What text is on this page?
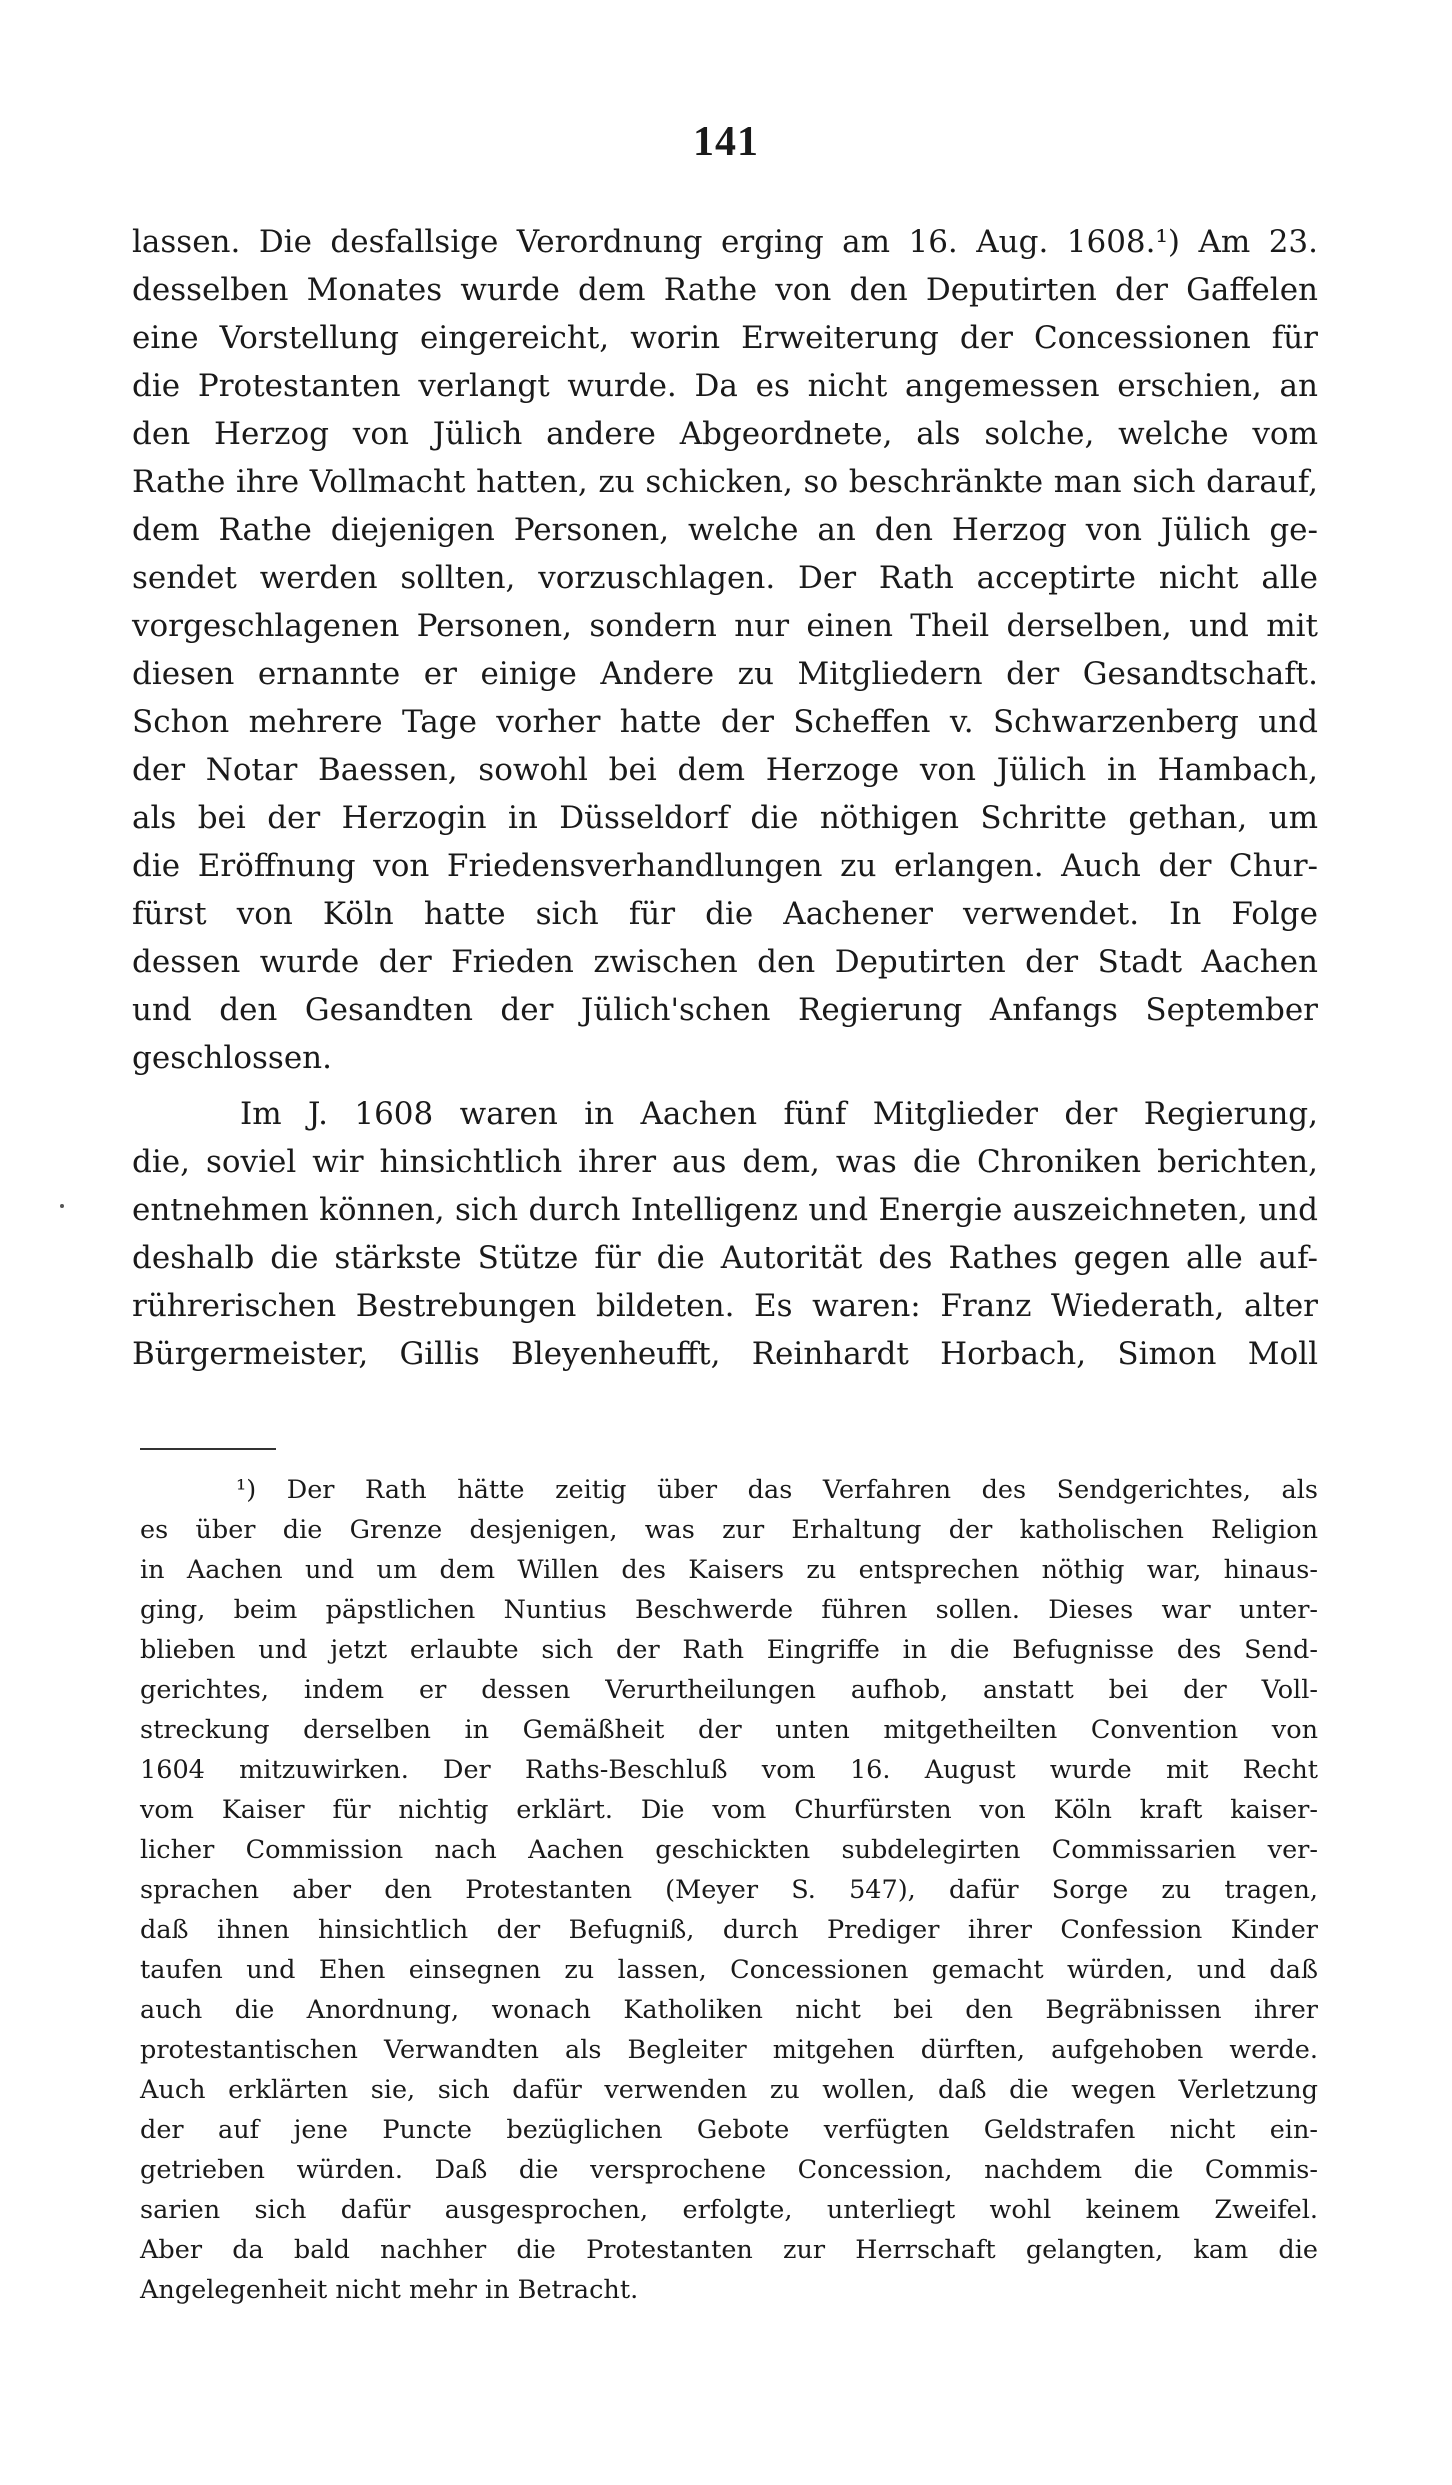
141
lassen. Die desfallsige Verordnung erging am 16. Aug. 1608.¹) Am 23.
desselben Monates wurde dem Rathe von den Deputirten der Gaffelen
eine Vorstellung eingereicht, worin Erweiterung der Concessionen für
die Protestanten verlangt wurde. Da es nicht angemessen erschien, an
den Herzog von Jülich andere Abgeordnete, als solche, welche vom
Rathe ihre Vollmacht hatten, zu schicken, so beschränkte man sich darauf,
dem Rathe diejenigen Personen, welche an den Herzog von Jülich ge-
sendet werden sollten, vorzuschlagen. Der Rath acceptirte nicht alle
vorgeschlagenen Personen, sondern nur einen Theil derselben, und mit
diesen ernannte er einige Andere zu Mitgliedern der Gesandtschaft.
Schon mehrere Tage vorher hatte der Scheffen v. Schwarzenberg und
der Notar Baessen, sowohl bei dem Herzoge von Jülich in Hambach,
als bei der Herzogin in Düsseldorf die nöthigen Schritte gethan, um
die Eröffnung von Friedensverhandlungen zu erlangen. Auch der Chur-
fürst von Köln hatte sich für die Aachener verwendet. In Folge
dessen wurde der Frieden zwischen den Deputirten der Stadt Aachen
und den Gesandten der Jülich'schen Regierung Anfangs September
geschlossen.
Im J. 1608 waren in Aachen fünf Mitglieder der Regierung,
die, soviel wir hinsichtlich ihrer aus dem, was die Chroniken berichten,
entnehmen können, sich durch Intelligenz und Energie auszeichneten, und
deshalb die stärkste Stütze für die Autorität des Rathes gegen alle auf-
rührerischen Bestrebungen bildeten. Es waren: Franz Wiederath, alter
Bürgermeister, Gillis Bleyenheufft, Reinhardt Horbach, Simon Moll
¹) Der Rath hätte zeitig über das Verfahren des Sendgerichtes, als
es über die Grenze desjenigen, was zur Erhaltung der katholischen Religion
in Aachen und um dem Willen des Kaisers zu entsprechen nöthig war, hinaus-
ging, beim päpstlichen Nuntius Beschwerde führen sollen. Dieses war unter-
blieben und jetzt erlaubte sich der Rath Eingriffe in die Befugnisse des Send-
gerichtes, indem er dessen Verurtheilungen aufhob, anstatt bei der Voll-
streckung derselben in Gemäßheit der unten mitgetheilten Convention von
1604 mitzuwirken. Der Raths-Beschluß vom 16. August wurde mit Recht
vom Kaiser für nichtig erklärt. Die vom Churfürsten von Köln kraft kaiser-
licher Commission nach Aachen geschickten subdelegirten Commissarien ver-
sprachen aber den Protestanten (Meyer S. 547), dafür Sorge zu tragen,
daß ihnen hinsichtlich der Befugniß, durch Prediger ihrer Confession Kinder
taufen und Ehen einsegnen zu lassen, Concessionen gemacht würden, und daß
auch die Anordnung, wonach Katholiken nicht bei den Begräbnissen ihrer
protestantischen Verwandten als Begleiter mitgehen dürften, aufgehoben werde.
Auch erklärten sie, sich dafür verwenden zu wollen, daß die wegen Verletzung
der auf jene Puncte bezüglichen Gebote verfügten Geldstrafen nicht ein-
getrieben würden. Daß die versprochene Concession, nachdem die Commis-
sarien sich dafür ausgesprochen, erfolgte, unterliegt wohl keinem Zweifel.
Aber da bald nachher die Protestanten zur Herrschaft gelangten, kam die
Angelegenheit nicht mehr in Betracht.
